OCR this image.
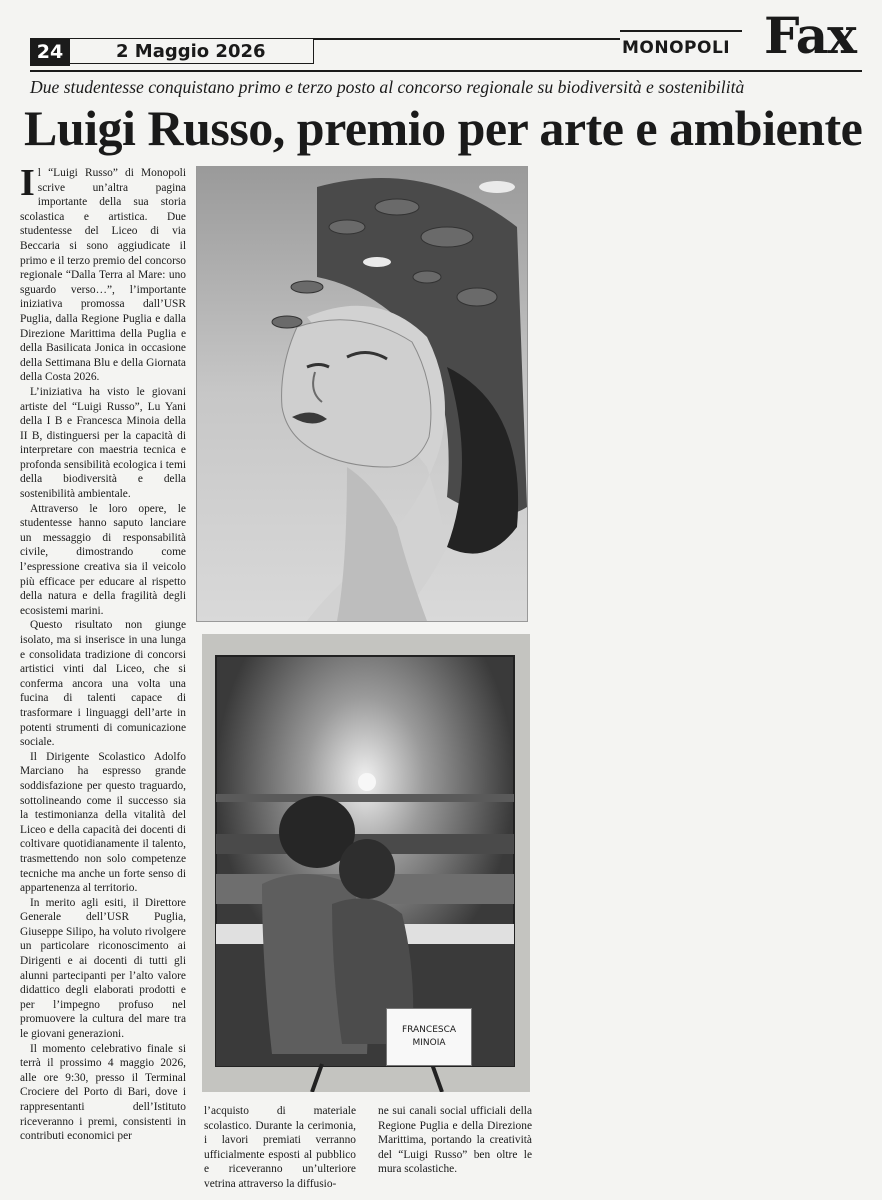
24	2 Maggio 2026	MONOPOLI Fax
Due studentesse conquistano primo e terzo posto al concorso regionale su biodiversità e sostenibilità
Luigi Russo, premio per arte e ambiente

Il “Luigi Russo” di Monopoli scrive un’altra pagina importante della sua storia scolastica e artistica. Due studentesse del Liceo di via Beccaria si sono aggiudicate il primo e il terzo premio del concorso regionale “Dalla Terra al Mare: uno sguardo verso…”, l’importante iniziativa promossa dall’USR Puglia, dalla Regione Puglia e dalla Direzione Marittima della Puglia e della Basilicata Jonica in occasione della Settimana Blu e della Giornata della Costa 2026.

L’iniziativa ha visto le giovani artiste del “Luigi Russo”, Lu Yani della I B e Francesca Minoia della II B, distinguersi per la capacità di interpretare con maestria tecnica e profonda sensibilità ecologica i temi della biodiversità e della sostenibilità ambientale.

Attraverso le loro opere, le studentesse hanno saputo lanciare un messaggio di responsabilità civile, dimostrando come l’espressione creativa sia il veicolo più efficace per educare al rispetto della natura e della fragilità degli ecosistemi marini.

Questo risultato non giunge isolato, ma si inserisce in una lunga e consolidata tradizione di concorsi artistici vinti dal Liceo, che si conferma ancora una volta una fucina di talenti capace di trasformare i linguaggi dell’arte in potenti strumenti di comunicazione sociale.

Il Dirigente Scolastico Adolfo Marciano ha espresso grande soddisfazione per questo traguardo, sottolineando come il successo sia la testimonianza della vitalità del Liceo e della capacità dei docenti di coltivare quotidianamente il talento, trasmettendo non solo competenze tecniche ma anche un forte senso di appartenenza al territorio.

In merito agli esiti, il Direttore Generale dell’USR Puglia, Giuseppe Silipo, ha voluto rivolgere un particolare riconoscimento ai Dirigenti e ai docenti di tutti gli alunni partecipanti per l’alto valore didattico degli elaborati prodotti e per l’impegno profuso nel promuovere la cultura del mare tra le giovani generazioni.

Il momento celebrativo finale si terrà il prossimo 4 maggio 2026, alle ore 9:30, presso il Terminal Crociere del Porto di Bari, dove i rappresentanti dell’Istituto riceveranno i premi, consistenti in contributi economici per

FRANCESCA
MINOIA

l’acquisto di materiale scolastico. Durante la cerimonia, i lavori premiati verranno ufficialmente esposti al pubblico e riceveranno un’ulteriore vetrina attraverso la diffusio-

ne sui canali social ufficiali della Regione Puglia e della Direzione Marittima, portando la creatività del “Luigi Russo” ben oltre le mura scolastiche.
